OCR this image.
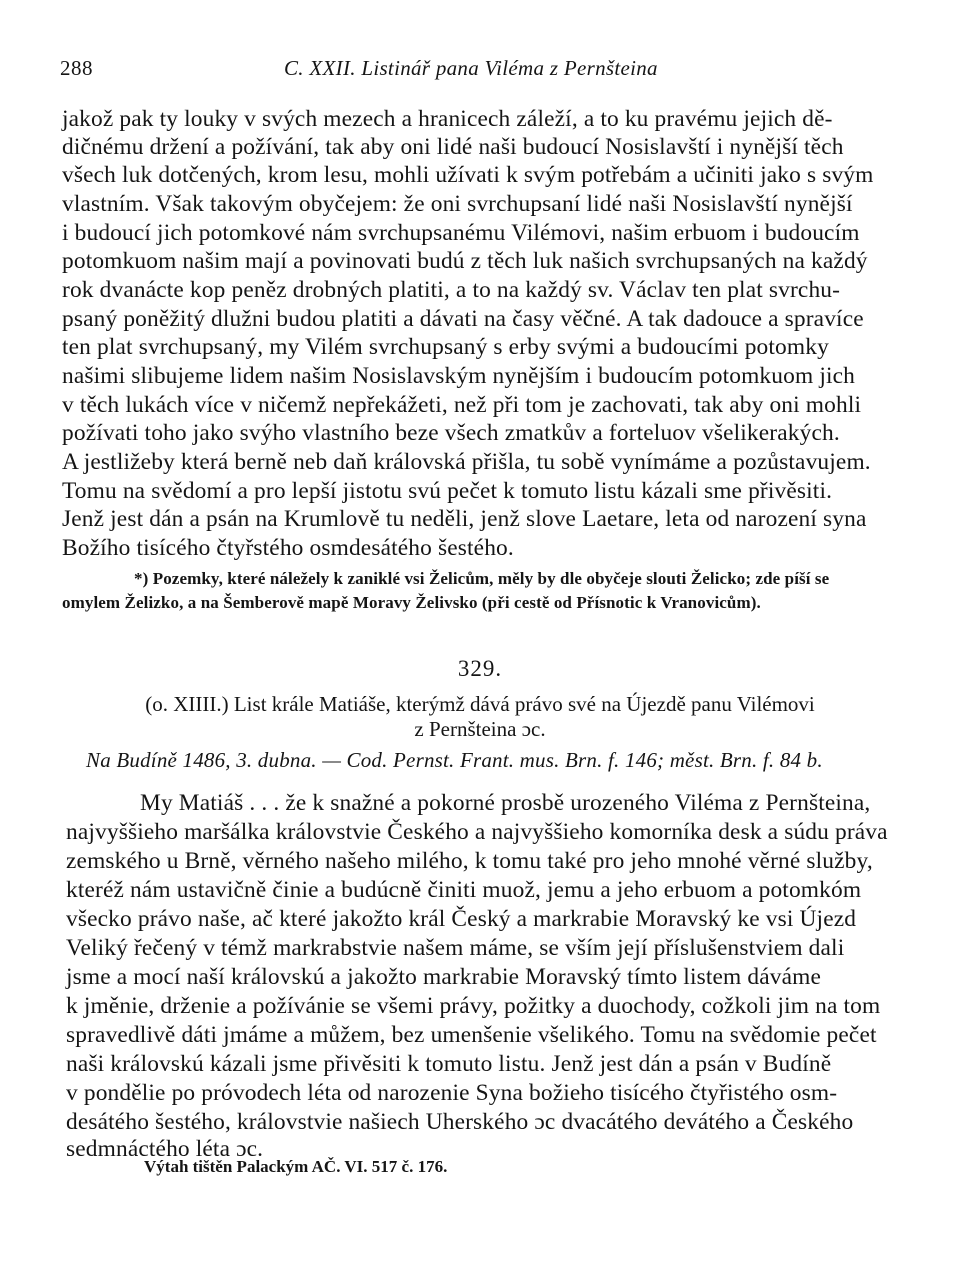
288	C. XXII. Listinář pana Viléma z Pernšteina
jakož pak ty louky v svých mezech a hranicech záleží, a to ku pravému jejich dě-
dičnému držení a požívání, tak aby oni lidé naši budoucí Nosislavští i nynější těch
všech luk dotčených, krom lesu, mohli užívati k svým potřebám a učiniti jako s svým
vlastním. Však takovým obyčejem: že oni svrchupsaní lidé naši Nosislavští nynější
i budoucí jich potomkové nám svrchupsanému Vilémovi, našim erbuom i budoucím
potomkuom našim mají a povinovati budú z těch luk našich svrchupsaných na každý
rok dvanácte kop peněz drobných platiti, a to na každý sv. Václav ten plat svrchu-
psaný poněžitý dlužni budou platiti a dávati na časy věčné. A tak dadouce a spravíce
ten plat svrchupsaný, my Vilém svrchupsaný s erby svými a budoucími potomky
našimi slibujeme lidem našim Nosislavským nynějším i budoucím potomkuom jich
v těch lukách více v ničemž nepřekážeti, než při tom je zachovati, tak aby oni mohli
požívati toho jako svýho vlastního beze všech zmatkův a forteluov všelikerakých.
A jestližeby která berně neb daň královská přišla, tu sobě vynímáme a pozůstavujem.
Tomu na svědomí a pro lepší jistotu svú pečet k tomuto listu kázali sme přivěsiti.
Jenž jest dán a psán na Krumlově tu neděli, jenž slove Laetare, leta od narození syna
Božího tisícého čtyřstého osmdesátého šestého.
*) Pozemky, které náležely k zaniklé vsi Želicům, měly by dle obyčeje slouti Želicko; zde píší se
omylem Želizko, a na Šemberově mapě Moravy Želivsko (při cestě od Přísnotic k Vranovicům).
329.
(o. XIIII.) List krále Matiáše, kterýmž dává právo své na Újezdě panu Vilémovi
z Pernšteina ɔc.
Na Budíně 1486, 3. dubna. — Cod. Pernst. Frant. mus. Brn. f. 146; měst. Brn. f. 84 b.
My Matiáš . . . že k snažné a pokorné prosbě urozeného Viléma z Pernšteina,
najvyššieho maršálka královstvie Českého a najvyššieho komorníka desk a súdu práva
zemského u Brně, věrného našeho milého, k tomu také pro jeho mnohé věrné služby,
kteréž nám ustavičně činie a budúcně činiti muož, jemu a jeho erbuom a potomkóm
všecko právo naše, ač které jakožto král Český a markrabie Moravský ke vsi Újezd
Veliký řečený v témž markrabstvie našem máme, se vším její příslušenstviem dali
jsme a mocí naší královskú a jakožto markrabie Moravský tímto listem dáváme
k jměnie, drženie a požívánie se všemi právy, požitky a duochody, cožkoli jim na tom
spravedlivě dáti jmáme a můžem, bez umenšenie všelikého. Tomu na svědomie pečet
naši královskú kázali jsme přivěsiti k tomuto listu. Jenž jest dán a psán v Budíně
v pondělie po próvodech léta od narozenie Syna božieho tisícého čtyřistého osm-
desátého šestého, královstvie našiech Uherského ɔc dvacátého devátého a Českého
sedmnáctého léta ɔc.
Výtah tištěn Palackým AČ. VI. 517 č. 176.
